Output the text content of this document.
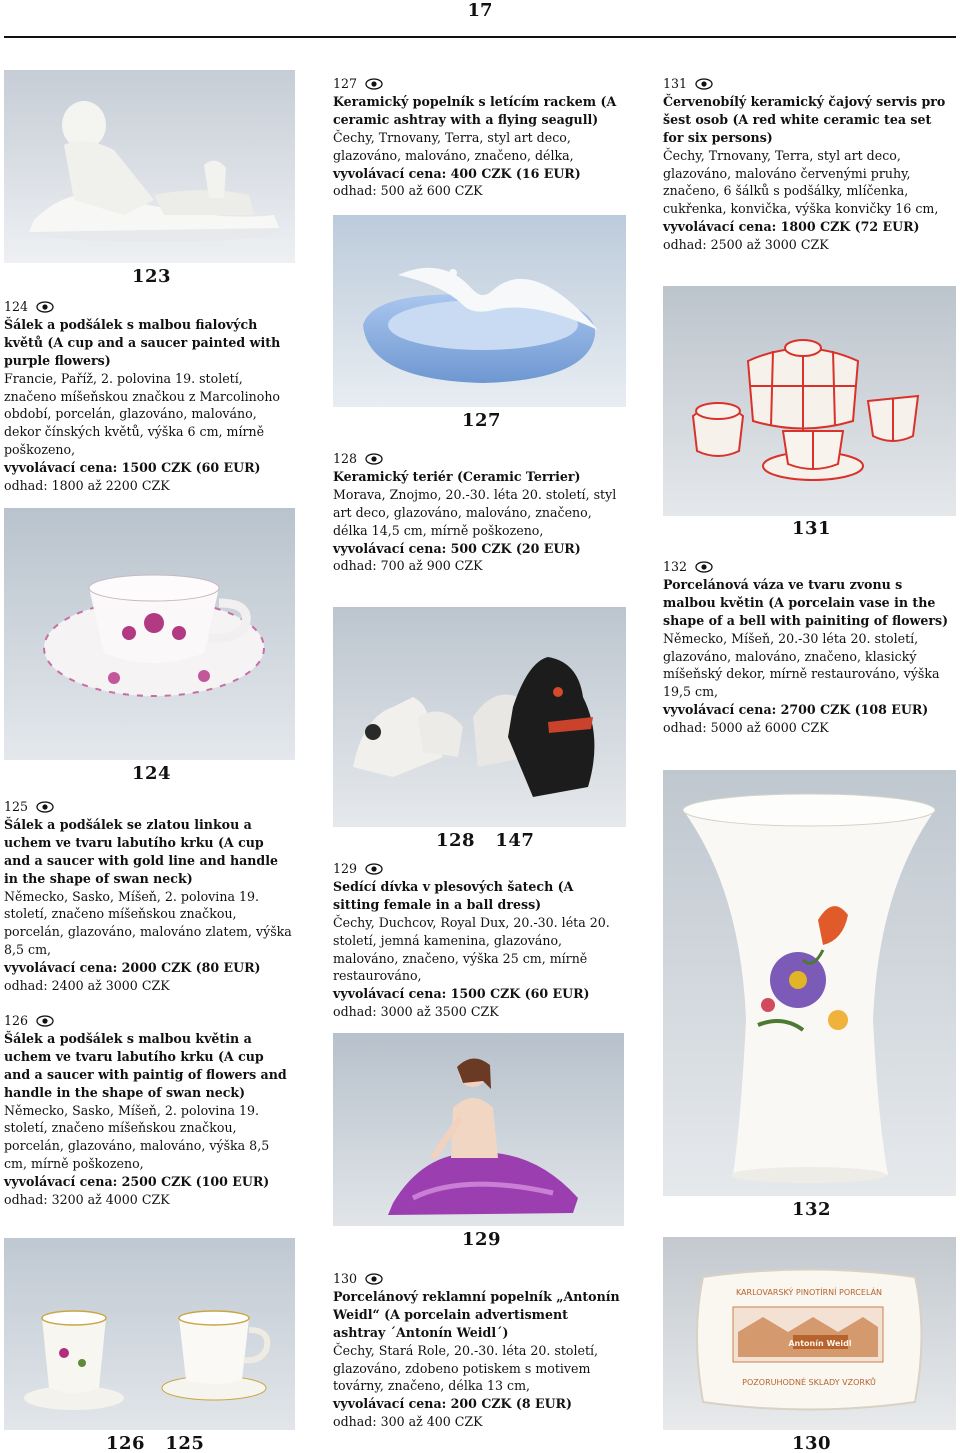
17
123
124
Šálek a podšálek s malbou fialových květů (A cup and a saucer painted with purple flowers)
Francie, Paříž, 2. polovina 19. století, značeno míšeňskou značkou z Marcolinoho období, porcelán, glazováno, malováno, dekor čínských květů, výška 6 cm, mírně poškozeno,
vyvolávací cena: 1500 CZK (60 EUR)
odhad: 1800 až 2200 CZK
124
125
Šálek a podšálek se zlatou linkou a uchem ve tvaru labutího krku (A cup and a saucer with gold line and handle in the shape of swan neck)
Německo, Sasko, Míšeň, 2. polovina 19. století, značeno míšeňskou značkou, porcelán, glazováno, malováno zlatem, výška 8,5 cm,
vyvolávací cena: 2000 CZK (80 EUR)
odhad: 2400 až 3000 CZK
126
Šálek a podšálek s malbou květin a uchem ve tvaru labutího krku (A cup and a saucer with paintig of flowers and handle in the shape of swan neck)
Německo, Sasko, Míšeň, 2. polovina 19. století, značeno míšeňskou značkou, porcelán, glazováno, malováno, výška 8,5 cm, mírně poškozeno,
vyvolávací cena: 2500 CZK (100 EUR)
odhad: 3200 až 4000 CZK
126   125
127
Keramický popelník s letícím rackem (A ceramic ashtray with a flying seagull)
Čechy, Trnovany, Terra, styl art deco, glazováno, malováno, značeno, délka,
vyvolávací cena: 400 CZK (16 EUR)
odhad: 500 až 600 CZK
127
128
Keramický teriér (Ceramic Terrier)
Morava, Znojmo, 20.-30. léta 20. století, styl art deco, glazováno, malováno, značeno, délka 14,5 cm, mírně poškozeno,
vyvolávací cena: 500 CZK (20 EUR)
odhad: 700 až 900 CZK
128   147
129
Sedící dívka v plesových šatech (A sitting female in a ball dress)
Čechy, Duchcov, Royal Dux, 20.-30. léta 20. století, jemná kamenina, glazováno, malováno, značeno, výška 25 cm, mírně restaurováno,
vyvolávací cena: 1500 CZK (60 EUR)
odhad: 3000 až 3500 CZK
129
130
Porcelánový reklamní popelník „Antonín Weidl“ (A porcelain advertisment ashtray ´Antonín Weidl´)
Čechy, Stará Role, 20.-30. léta 20. století, glazováno, zdobeno potiskem s motivem továrny, značeno, délka 13 cm,
vyvolávací cena: 200 CZK (8 EUR)
odhad: 300 až 400 CZK
131
Červenobílý keramický čajový servis pro šest osob (A red white ceramic tea set for six persons)
Čechy, Trnovany, Terra, styl art deco, glazováno, malováno červenými pruhy, značeno, 6 šálků s podšálky, mlíčenka, cukřenka, konvička, výška konvičky 16 cm,
vyvolávací cena: 1800 CZK (72 EUR)
odhad: 2500 až 3000 CZK
131
132
Porcelánová váza ve tvaru zvonu s malbou květin (A porcelain vase in the shape of a bell with painiting of flowers)
Německo, Míšeň, 20.-30 léta 20. století, glazováno, malováno, značeno, klasický míšeňský dekor, mírně restaurováno, výška 19,5 cm,
vyvolávací cena: 2700 CZK (108 EUR)
odhad: 5000 až 6000 CZK
132
KARLOVARSKÝ PINOTÍRNÍ PORCELÁN
Antonín Weidl
POZORUHODNÉ SKLADY VZORKŮ
130
